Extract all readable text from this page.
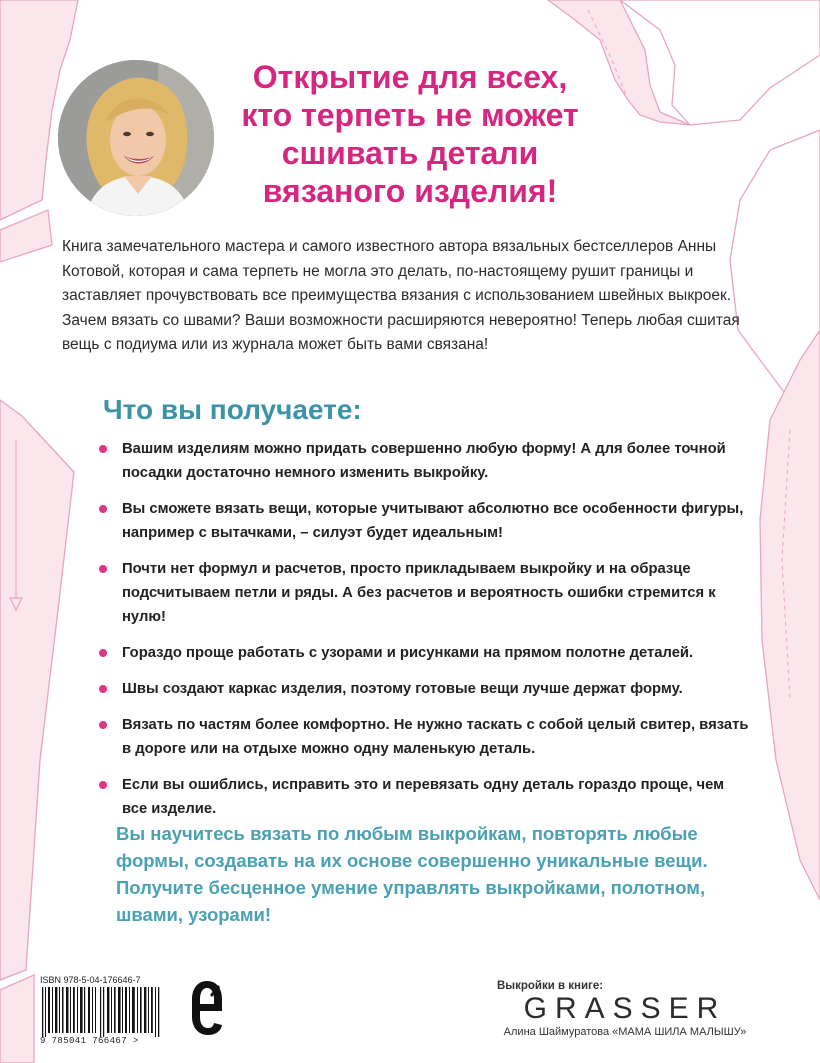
Открытие для всех,
кто терпеть не может
сшивать детали
вязаного изделия!

Книга замечательного мастера и самого известного автора вязальных бестселлеров Анны Котовой, которая и сама терпеть не могла это делать, по-настоящему рушит границы и заставляет прочувствовать все преимущества вязания с использованием швейных выкроек. Зачем вязать со швами? Ваши возможности расширяются невероятно! Теперь любая сшитая вещь с подиума или из журнала может быть вами связана!

Что вы получаете:
Вашим изделиям можно придать совершенно любую форму! А для более точной посадки достаточно немного изменить выкройку.
Вы сможете вязать вещи, которые учитывают абсолютно все особенности фигуры, например с вытачками, – силуэт будет идеальным!
Почти нет формул и расчетов, просто прикладываем выкройку и на образце подсчитываем петли и ряды. А без расчетов и вероятность ошибки стремится к нулю!
Гораздо проще работать с узорами и рисунками на прямом полотне деталей.
Швы создают каркас изделия, поэтому готовые вещи лучше держат форму.
Вязать по частям более комфортно. Не нужно таскать с собой целый свитер, вязать в дороге или на отдыхе можно одну маленькую деталь.
Если вы ошиблись, исправить это и перевязать одну деталь гораздо проще, чем все изделие.

Вы научитесь вязать по любым выкройкам, повторять любые формы, создавать на их основе совершенно уникальные вещи. Получите бесценное умение управлять выкройками, полотном, швами, узорами!

ISBN 978-5-04-176646-7
9 785041 766467 >
Выкройки в книге:
GRASSER
Алина Шаймуратова «МАМА ШИЛА МАЛЫШУ»
